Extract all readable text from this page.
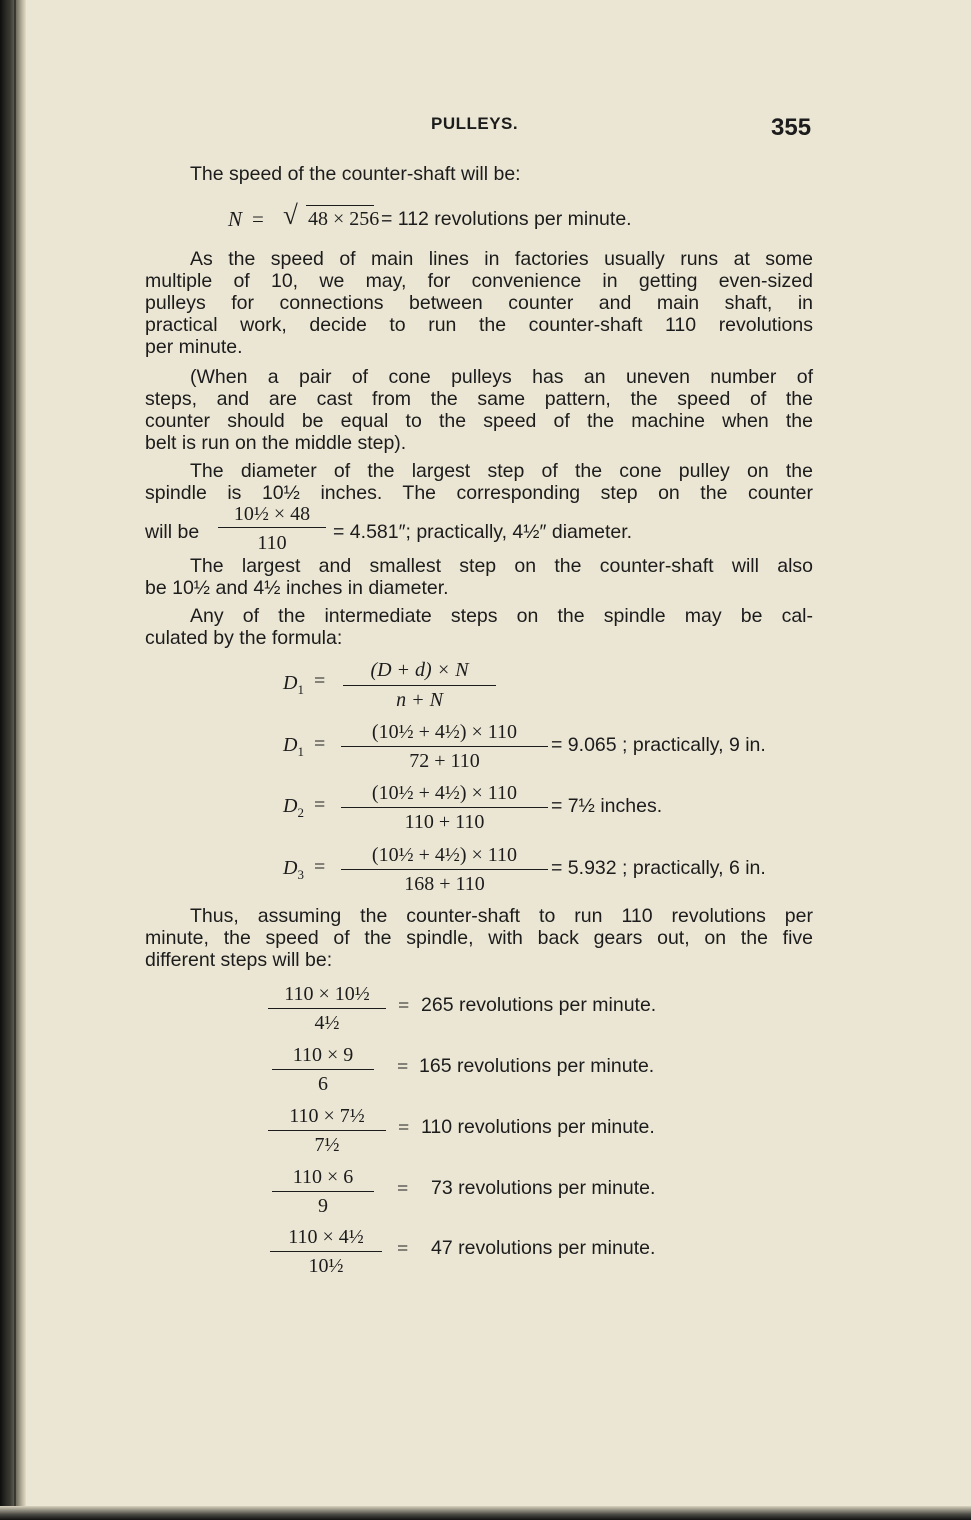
PULLEYS.	355
The speed of the counter-shaft will be:
N = √ 48 × 256 = 112 revolutions per minute.
As the speed of main lines in factories usually runs at some
multiple of 10, we may, for convenience in getting even-sized
pulleys for connections between counter and main shaft, in
practical work, decide to run the counter-shaft 110 revolutions
per minute.
(When a pair of cone pulleys has an uneven number of
steps, and are cast from the same pattern, the speed of the
counter should be equal to the speed of the machine when the
belt is run on the middle step).
The diameter of the largest step of the cone pulley on the
spindle is 10½ inches. The corresponding step on the counter
will be
10½ × 48
110	= 4.581″; practically, 4½″ diameter.
The largest and smallest step on the counter-shaft will also
be 10½ and 4½ inches in diameter.
Any of the intermediate steps on the spindle may be cal-
culated by the formula:
$D_1$ =	(D + d) × N
n + N
$D_1$ =
(10½ + 4½) × 110
72 + 110
= 9.065 ; practically, 9 in.
$D_2$ =
(10½ + 4½) × 110
110 + 110
= 7½ inches.
$D_3$ =
(10½ + 4½) × 110
168 + 110
= 5.932 ; practically, 6 in.
Thus, assuming the counter-shaft to run 110 revolutions per
minute, the speed of the spindle, with back gears out, on the five
different steps will be:
110 × 10½
4½
= 265 revolutions per minute.
110 × 9
6
= 165 revolutions per minute.
110 × 7½
7½
= 110 revolutions per minute.
110 × 6
9
= 73 revolutions per minute.
110 × 4½
10½
= 47 revolutions per minute.
